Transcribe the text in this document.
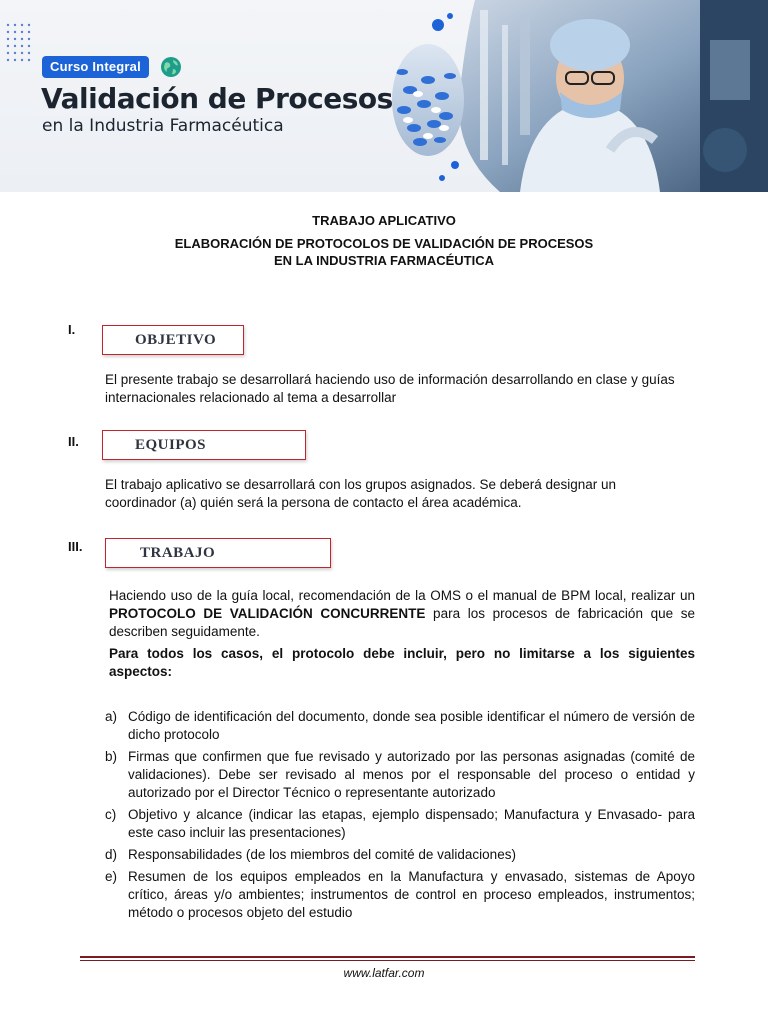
Curso Integral
Validación de Procesos

en la Industria Farmacéutica

TRABAJO APLICATIVO
ELABORACIÓN DE PROTOCOLOS DE VALIDACIÓN DE PROCESOS
EN LA INDUSTRIA FARMACÉUTICA
I.
OBJETIVO

El presente trabajo se desarrollará haciendo uso de información desarrollando en clase y guías

internacionales relacionado al tema a desarrollar

II.	EQUIPOS

El trabajo aplicativo se desarrollará con los grupos asignados. Se deberá designar un

coordinador (a) quién será la persona de contacto el área académica.

III.	TRABAJO

Haciendo uso de la guía local, recomendación de la OMS o el manual de BPM local, realizar un PROTOCOLO DE VALIDACIÓN CONCURRENTE para los procesos de fabricación que se describen seguidamente.

Para todos los casos, el protocolo debe incluir, pero no limitarse a los siguientes aspectos:

a) Código de identificación del documento, donde sea posible identificar el número de versión de dicho protocolo
b) Firmas que confirmen que fue revisado y autorizado por las personas asignadas (comité de validaciones). Debe ser revisado al menos por el responsable del proceso o entidad y autorizado por el Director Técnico o representante autorizado
c) Objetivo y alcance (indicar las etapas, ejemplo dispensado; Manufactura y Envasado- para este caso incluir las presentaciones)
d) Responsabilidades (de los miembros del comité de validaciones)
e) Resumen de los equipos empleados en la Manufactura y envasado, sistemas de Apoyo crítico, áreas y/o ambientes; instrumentos de control en proceso empleados, instrumentos; método o procesos objeto del estudio
www.latfar.com
